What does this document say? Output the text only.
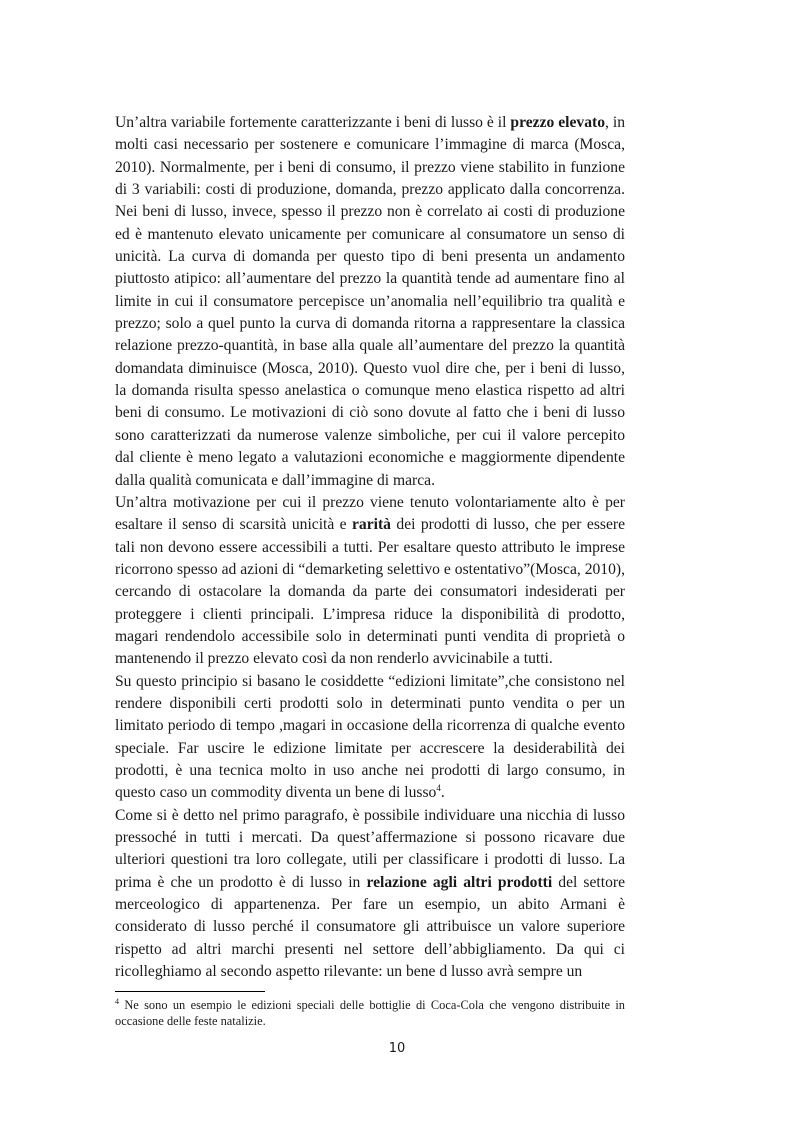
Un’altra variabile fortemente caratterizzante i beni di lusso è il prezzo elevato, in molti casi necessario per sostenere e comunicare l’immagine di marca (Mosca, 2010). Normalmente, per i beni di consumo, il prezzo viene stabilito in funzione di 3 variabili: costi di produzione, domanda, prezzo applicato dalla concorrenza. Nei beni di lusso, invece, spesso il prezzo non è correlato ai costi di produzione ed è mantenuto elevato unicamente per comunicare al consumatore un senso di unicità. La curva di domanda per questo tipo di beni presenta un andamento piuttosto atipico: all’aumentare del prezzo la quantità tende ad aumentare fino al limite in cui il consumatore percepisce un’anomalia nell’equilibrio tra qualità e prezzo; solo a quel punto la curva di domanda ritorna a rappresentare la classica relazione prezzo-quantità, in base alla quale all’aumentare del prezzo la quantità domandata diminuisce (Mosca, 2010). Questo vuol dire che, per i beni di lusso, la domanda risulta spesso anelastica o comunque meno elastica rispetto ad altri beni di consumo. Le motivazioni di ciò sono dovute al fatto che i beni di lusso sono caratterizzati da numerose valenze simboliche, per cui il valore percepito dal cliente è meno legato a valutazioni economiche e maggiormente dipendente dalla qualità comunicata e dall’immagine di marca.

Un’altra motivazione per cui il prezzo viene tenuto volontariamente alto è per esaltare il senso di scarsità unicità e rarità dei prodotti di lusso, che per essere tali non devono essere accessibili a tutti. Per esaltare questo attributo le imprese ricorrono spesso ad azioni di “demarketing selettivo e ostentativo”(Mosca, 2010), cercando di ostacolare la domanda da parte dei consumatori indesiderati per proteggere i clienti principali. L’impresa riduce la disponibilità di prodotto, magari rendendolo accessibile solo in determinati punti vendita di proprietà o mantenendo il prezzo elevato così da non renderlo avvicinabile a tutti.

Su questo principio si basano le cosiddette “edizioni limitate”,che consistono nel rendere disponibili certi prodotti solo in determinati punto vendita o per un limitato periodo di tempo ,magari in occasione della ricorrenza di qualche evento speciale. Far uscire le edizione limitate per accrescere la desiderabilità dei prodotti, è una tecnica molto in uso anche nei prodotti di largo consumo, in questo caso un commodity diventa un bene di lusso$^4$.

Come si è detto nel primo paragrafo, è possibile individuare una nicchia di lusso pressoché in tutti i mercati. Da quest’affermazione si possono ricavare due ulteriori questioni tra loro collegate, utili per classificare i prodotti di lusso. La prima è che un prodotto è di lusso in relazione agli altri prodotti del settore merceologico di appartenenza. Per fare un esempio, un abito Armani è considerato di lusso perché il consumatore gli attribuisce un valore superiore rispetto ad altri marchi presenti nel settore dell’abbigliamento. Da qui ci ricolleghiamo al secondo aspetto rilevante: un bene d lusso avrà sempre un

$^4$ Ne sono un esempio le edizioni speciali delle bottiglie di Coca-Cola che vengono distribuite in occasione delle feste natalizie.

10
